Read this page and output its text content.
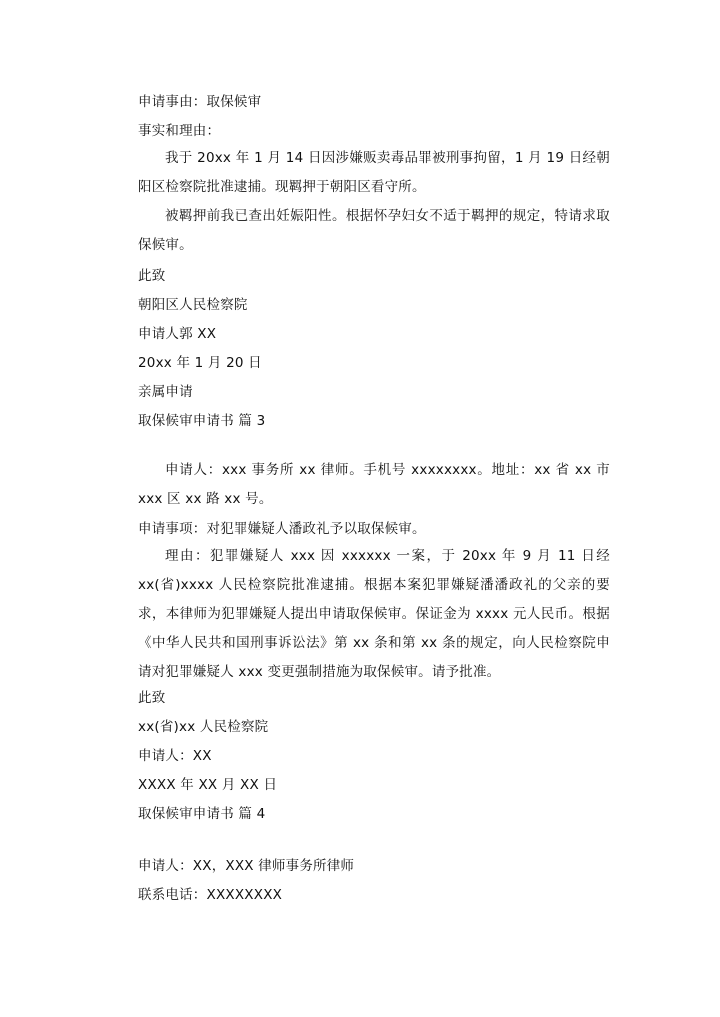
申请事由：取保候审
事实和理由：
我于 20xx 年 1 月 14 日因涉嫌贩卖毒品罪被刑事拘留，1 月 19 日经朝阳区检察院批准逮捕。现羁押于朝阳区看守所。
被羁押前我已查出妊娠阳性。根据怀孕妇女不适于羁押的规定，特请求取保候审。
此致
朝阳区人民检察院
申请人郭 XX
20xx 年 1 月 20 日
亲属申请
取保候审申请书 篇 3
申请人：xxx 事务所 xx 律师。手机号 xxxxxxxx。地址：xx 省 xx 市 xxx 区 xx 路 xx 号。
申请事项：对犯罪嫌疑人潘政礼予以取保候审。
理由：犯罪嫌疑人 xxx 因 xxxxxx 一案，于 20xx 年 9 月 11 日经 xx(省)xxxx 人民检察院批准逮捕。根据本案犯罪嫌疑潘潘政礼的父亲的要求，本律师为犯罪嫌疑人提出申请取保候审。保证金为 xxxx 元人民币。根据《中华人民共和国刑事诉讼法》第 xx 条和第 xx 条的规定，向人民检察院申请对犯罪嫌疑人 xxx 变更强制措施为取保候审。请予批准。
此致
xx(省)xx 人民检察院
申请人：XX
XXXX 年 XX 月 XX 日
取保候审申请书 篇 4
申请人：XX，XXX 律师事务所律师
联系电话：XXXXXXXX
